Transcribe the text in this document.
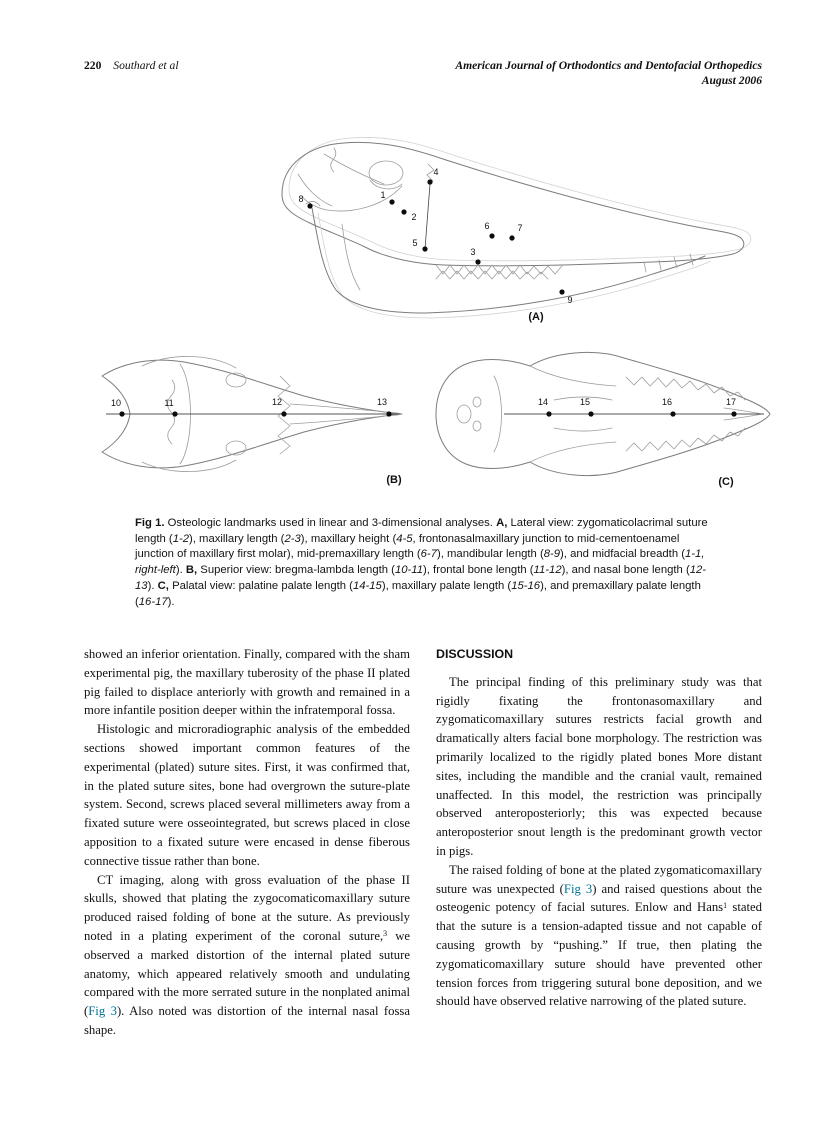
220 Southard et al	American Journal of Orthodontics and Dentofacial Orthopedics
August 2006
1
2
3
4
5
6	7
8
9
(A)
10	11	12	13
(B)
14	15	16	17
(C)
Fig 1. Osteologic landmarks used in linear and 3-dimensional analyses. A, Lateral view: zygomaticolacrimal suture length (1-2), maxillary length (2-3), maxillary height (4-5, frontonasalmaxillary junction to mid-cementoenamel junction of maxillary first molar), mid-premaxillary length (6-7), mandibular length (8-9), and midfacial breadth (1-1, right-left). B, Superior view: bregma-lambda length (10-11), frontal bone length (11-12), and nasal bone length (12-13). C, Palatal view: palatine palate length (14-15), maxillary palate length (15-16), and premaxillary palate length (16-17).

showed an inferior orientation. Finally, compared with the sham experimental pig, the maxillary tuberosity of the phase II plated pig failed to displace anteriorly with growth and remained in a more infantile position deeper within the infratemporal fossa.

Histologic and microradiographic analysis of the embedded sections showed important common features of the experimental (plated) suture sites. First, it was confirmed that, in the plated suture sites, bone had overgrown the suture-plate system. Second, screws placed several millimeters away from a fixated suture were osseointegrated, but screws placed in close apposition to a fixated suture were encased in dense fiberous connective tissue rather than bone.

CT imaging, along with gross evaluation of the phase II skulls, showed that plating the zygocomaticomaxillary suture produced raised folding of bone at the suture. As previously noted in a plating experiment of the coronal suture,$^3$ we observed a marked distortion of the internal plated suture anatomy, which appeared relatively smooth and undulating compared with the more serrated suture in the nonplated animal (Fig 3). Also noted was distortion of the internal nasal fossa shape.

DISCUSSION

The principal finding of this preliminary study was that rigidly fixating the frontonasomaxillary and zygomaticomaxillary sutures restricts facial growth and dramatically alters facial bone morphology. The restriction was primarily localized to the rigidly plated bones More distant sites, including the mandible and the cranial vault, remained unaffected. In this model, the restriction was principally observed anteroposteriorly; this was expected because anteroposterior snout length is the predominant growth vector in pigs.

The raised folding of bone at the plated zygomaticomaxillary suture was unexpected (Fig 3) and raised questions about the osteogenic potency of facial sutures. Enlow and Hans$^1$ stated that the suture is a tension-adapted tissue and not capable of causing growth by “pushing.” If true, then plating the zygomaticomaxillary suture should have prevented other tension forces from triggering sutural bone deposition, and we should have observed relative narrowing of the plated suture.
